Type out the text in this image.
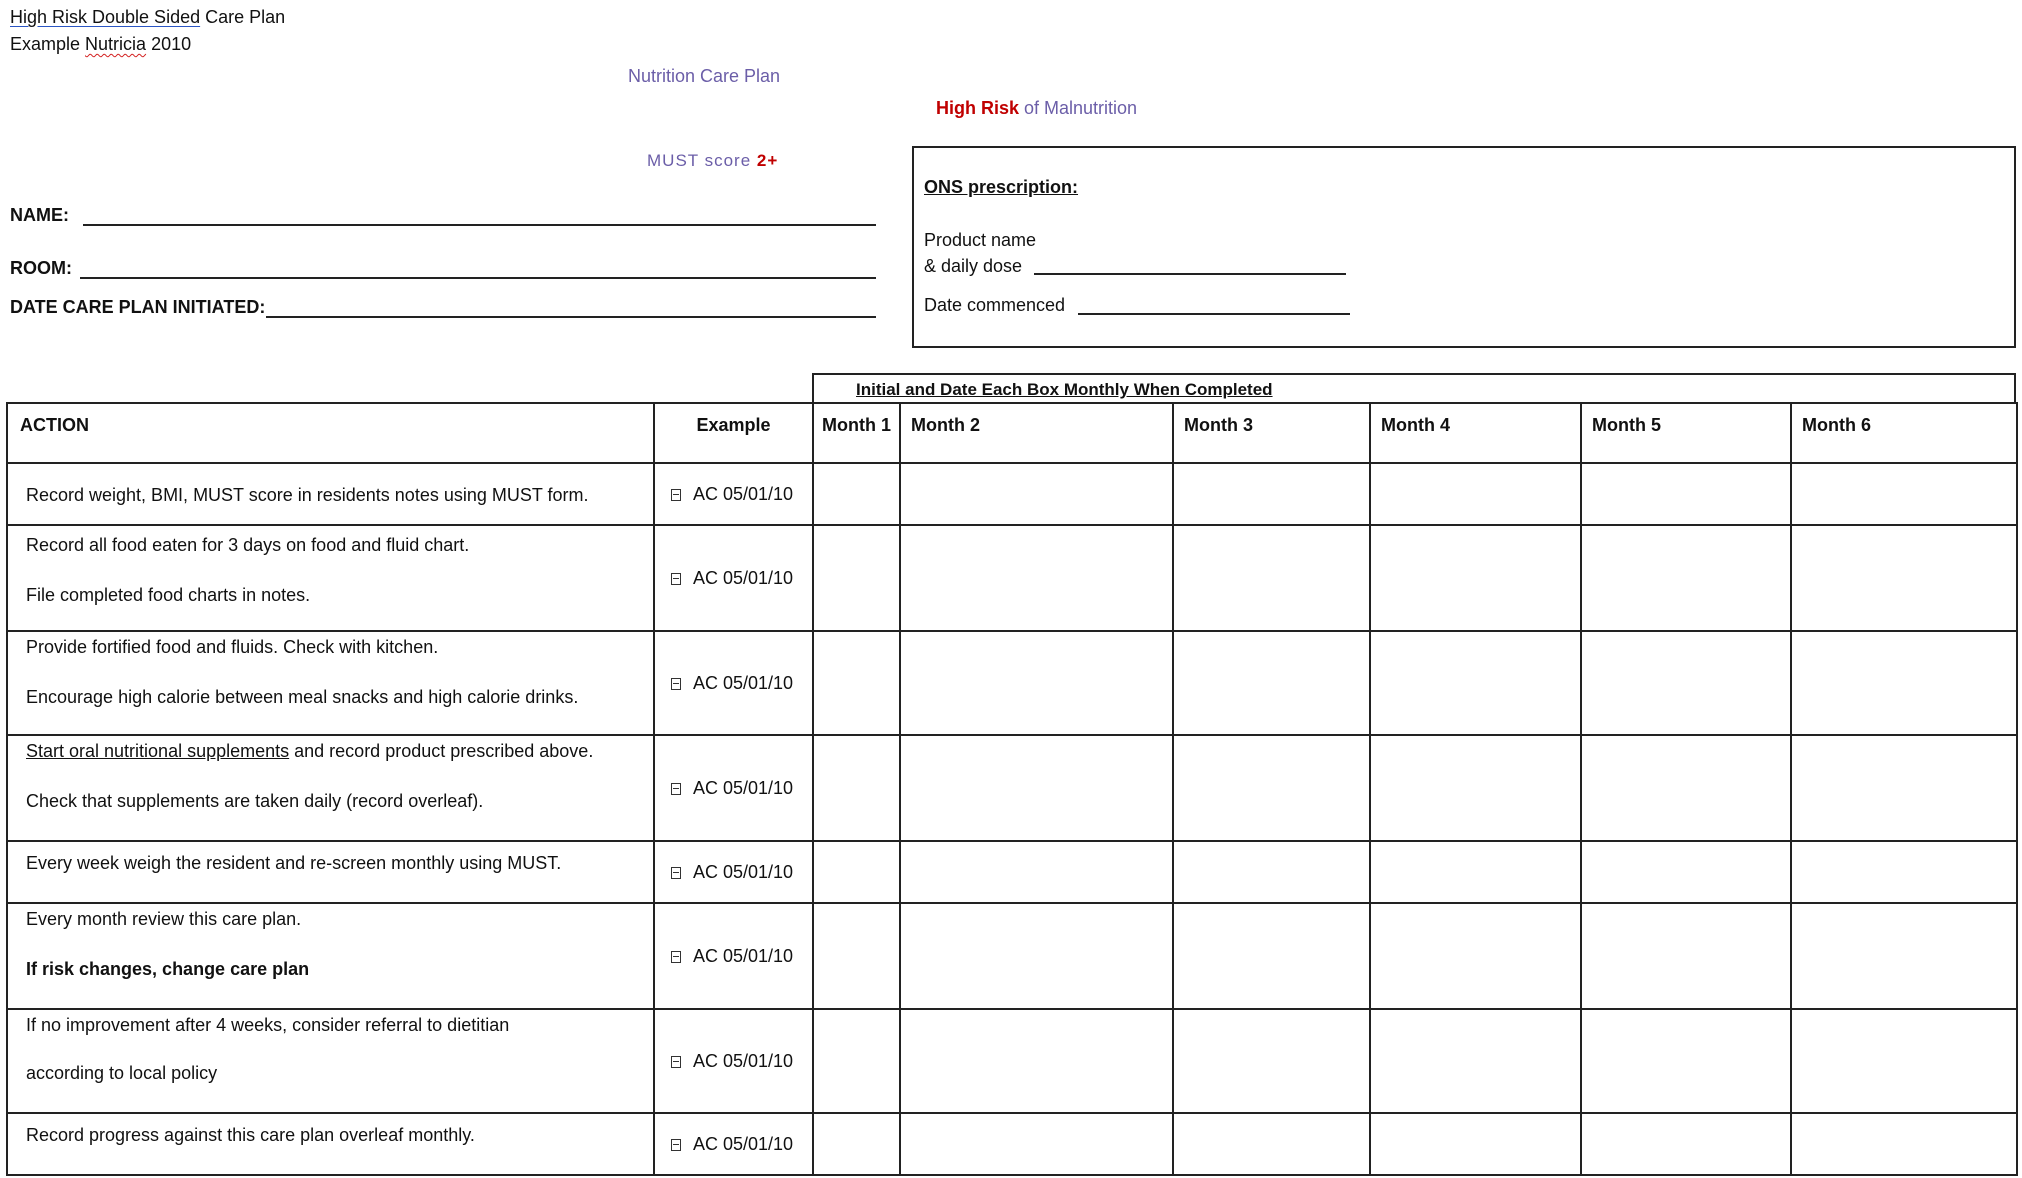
High Risk Double Sided Care Plan
Example Nutricia 2010
Nutrition Care Plan
High Risk of Malnutrition
MUST score 2+
NAME:
ROOM:
DATE CARE PLAN INITIATED:
ONS prescription:
Product name
& daily dose
Date commenced
Initial and Date Each Box Monthly When Completed
ACTION	Example	Month 1	Month 2	Month 3	Month 4	Month 5	Month 6

Record weight, BMI, MUST score in residents notes using MUST form.	AC 05/01/10						

Record all food eaten for 3 days on food and fluid chart.
File completed food charts in notes.	AC 05/01/10						

Provide fortified food and fluids. Check with kitchen.
Encourage high calorie between meal snacks and high calorie drinks.	AC 05/01/10						

Start oral nutritional supplements and record product prescribed above.
Check that supplements are taken daily (record overleaf).	AC 05/01/10						

Every week weigh the resident and re-screen monthly using MUST.	AC 05/01/10						

Every month review this care plan.
If risk changes, change care plan	AC 05/01/10						

If no improvement after 4 weeks, consider referral to dietitian
according to local policy	AC 05/01/10						

Record progress against this care plan overleaf monthly.	AC 05/01/10						
